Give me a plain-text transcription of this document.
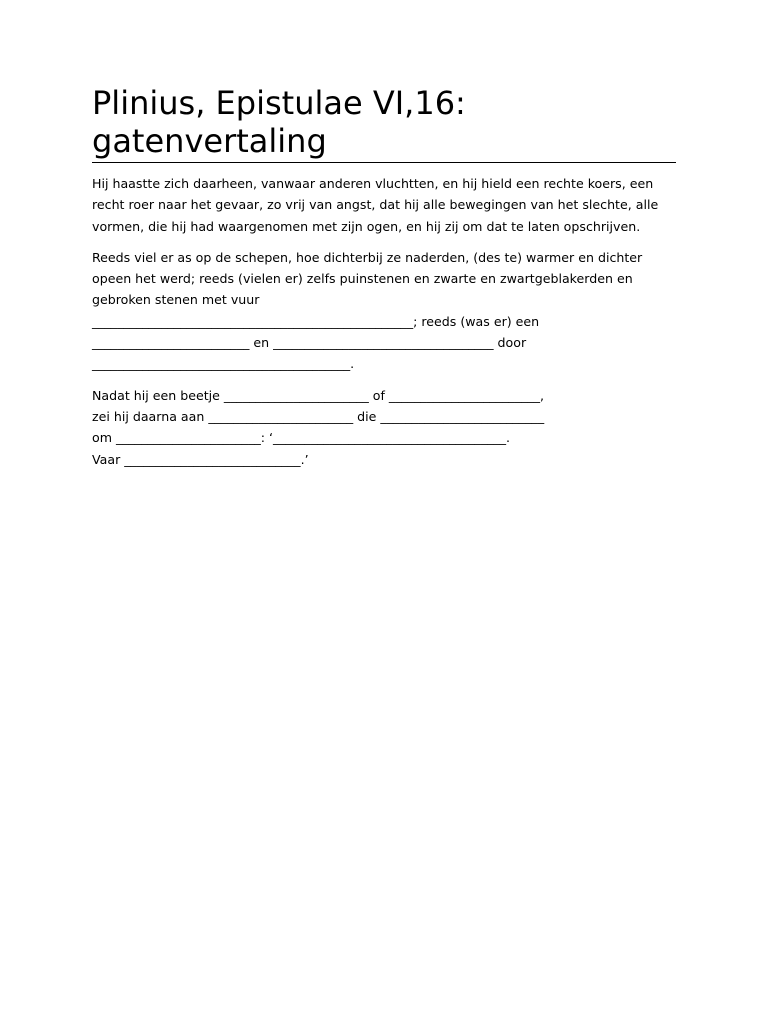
Plinius, Epistulae VI,16:
gatenvertaling

Hij haastte zich daarheen, vanwaar anderen vluchtten, en hij hield een rechte koers, een
recht roer naar het gevaar, zo vrij van angst, dat hij alle bewegingen van het slechte, alle
vormen, die hij had waargenomen met zijn ogen, en hij zij om dat te laten opschrijven.

Reeds viel er as op de schepen, hoe dichterbij ze naderden, (des te) warmer en dichter
opeen het werd; reeds (vielen er) zelfs puinstenen en zwarte en zwartgeblakerden en
gebroken stenen met vuur
___________________________________________________; reeds (was er) een
_________________________ en ___________________________________ door
_________________________________________.

Nadat hij een beetje _______________________ of ________________________,
zei hij daarna aan _______________________ die __________________________
om _______________________: ‘_____________________________________.
Vaar ____________________________.’
